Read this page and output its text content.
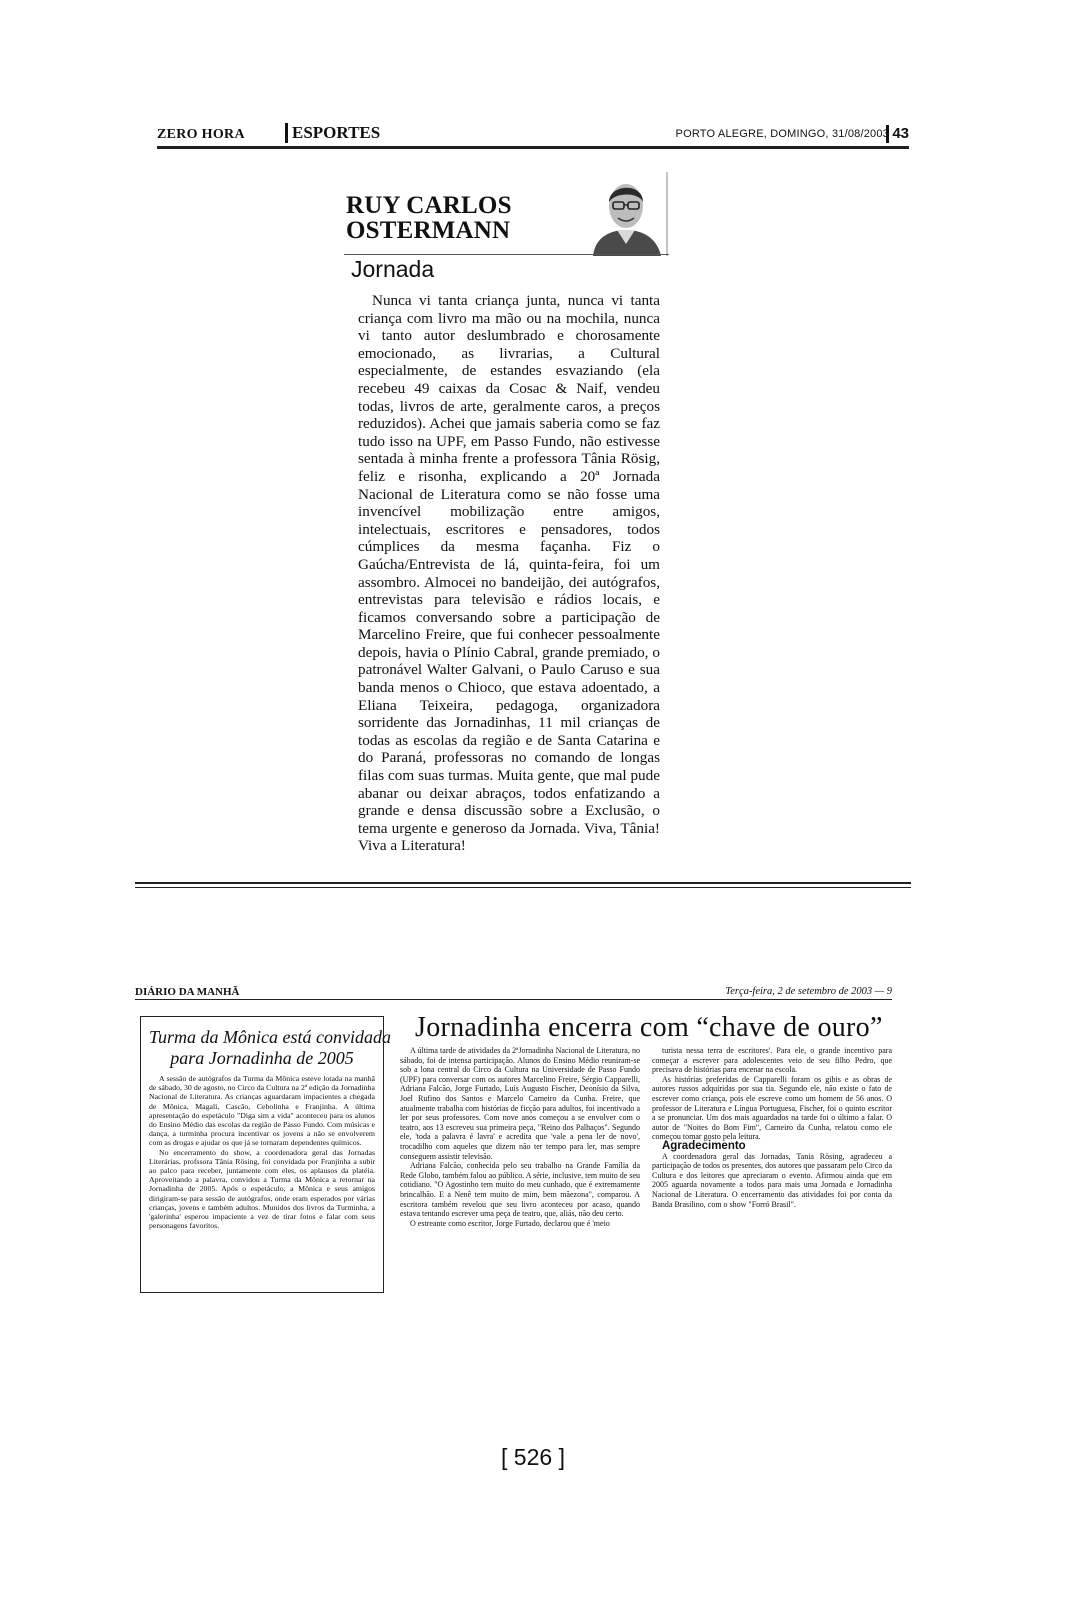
ZERO HORA	ESPORTES	PORTO ALEGRE, DOMINGO, 31/08/2003 43
RUY CARLOS
OSTERMANN
Jornada
Nunca vi tanta criança junta, nunca vi tanta criança com livro ma mão ou na mochila, nunca vi tanto autor deslumbrado e chorosamente emocionado, as livrarias, a Cultural especialmente, de estandes esvaziando (ela recebeu 49 caixas da Cosac & Naif, vendeu todas, livros de arte, geralmente caros, a preços reduzidos). Achei que jamais saberia como se faz tudo isso na UPF, em Passo Fundo, não estivesse sentada à minha frente a professora Tânia Rösig, feliz e risonha, explicando a 20ª Jornada Nacional de Literatura como se não fosse uma invencível mobilização entre amigos, intelectuais, escritores e pensadores, todos cúmplices da mesma façanha. Fiz o Gaúcha/Entrevista de lá, quinta-feira, foi um assombro. Almocei no bandeijão, dei autógrafos, entrevistas para televisão e rádios locais, e ficamos conversando sobre a participação de Marcelino Freire, que fui conhecer pessoalmente depois, havia o Plínio Cabral, grande premiado, o patronável Walter Galvani, o Paulo Caruso e sua banda menos o Chioco, que estava adoentado, a Eliana Teixeira, pedagoga, organizadora sorridente das Jornadinhas, 11 mil crianças de todas as escolas da região e de Santa Catarina e do Paraná, professoras no comando de longas filas com suas turmas. Muita gente, que mal pude abanar ou deixar abraços, todos enfatizando a grande e densa discussão sobre a Exclusão, o tema urgente e generoso da Jornada. Viva, Tânia! Viva a Literatura!
DIÁRIO DA MANHÃ	Terça-feira, 2 de setembro de 2003 — 9
Turma da Mônica está convidada
para Jornadinha de 2005

A sessão de autógrafos da Turma da Mônica esteve lotada na manhã de sábado, 30 de agosto, no Circo da Cultura na 2ª edição da Jornadinha Nacional de Literatura. As crianças aguardaram impacientes a chegada de Mônica, Magali, Cascão, Cebolinha e Franjinha. A última apresentação do espetáculo "Diga sim a vida" aconteceu para os alunos do Ensino Médio das escolas da região de Passo Fundo. Com músicas e dança, a turminha procura incentivar os jovens a não se envolverem com as drogas e ajudar os que já se tornaram dependentes químicos.

No encerramento do show, a coordenadora geral das Jornadas Literárias, profssora Tânia Rösing, foi convidada por Franjinha a subir ao palco para receber, juntamente com eles, os aplausos da platéia. Aproveitando a palavra, convidou a Turma da Mônica a retornar na Jornadinha de 2005. Após o espetáculo, a Mônica e seus amigos dirigiram-se para sessão de autógrafos, onde eram esperados por várias crianças, jovens e também adultos. Munidos dos livros da Turminha, a 'galerinha' esperou impaciente a vez de tirar fotos e falar com seus personagens favoritos.

Jornadinha encerra com “chave de ouro”

A última tarde de atividades da 2ªJornadinha Nacional de Literatura, no sábado, foi de intensa participação. Alunos do Ensino Médio reuniram-se sob a lona central do Circo da Cultura na Universidade de Passo Fundo (UPF) para conversar com os autores Marcelino Freire, Sérgio Capparelli, Adriana Falcão, Jorge Furtado, Luís Augusto Fischer, Deonísio da Silva, Joel Rufino dos Santos e Marcelo Carneiro da Cunha. Freire, que atualmente trabalha com histórias de ficção para adultos, foi incentivado a ler por seus professores. Com nove anos começou a se envolver com o teatro, aos 13 escreveu sua primeira peça, "Reino dos Palhaços". Segundo ele, 'toda a palavra é lavra' e acredita que 'vale a pena ler de novo', trocadilho com aqueles que dizem não ter tempo para ler, mas sempre conseguem assistir televisão.

Adriana Falcão, conhecida pelo seu trabalho na Grande Família da Rede Globo, também falou ao público. A série, inclusive, tem muito de seu cotidiano. "O Agostinho tem muito do meu cunhado, que é extremamente brincalhão. E a Nenê tem muito de mim, bem mãezona", comparou. A escritora também revelou que seu livro aconteceu por acaso, quando estava tentando escrever uma peça de teatro, que, aliás, não deu certo.

O estreante como escritor, Jorge Furtado, declarou que é 'meio

turista nessa terra de escritores'. Para ele, o grande incentivo para começar a escrever para adolescentes veio de seu filho Pedro, que precisava de histórias para encenar na escola.

As histórias preferidas de Capparelli foram os gibis e as obras de autores russos adquiridas por sua tia. Segundo ele, não existe o fato de escrever como criança, pois ele escreve como um homem de 56 anos. O professor de Literatura e Língua Portuguesa, Fischer, foi o quinto escritor a se pronunciar. Um dos mais aguardados na tarde foi o último a falar. O autor de "Noites do Bom Fim", Carneiro da Cunha, relatou como ele começou tomar gosto pela leitura.

Agradecimento

A coordenadora geral das Jornadas, Tania Rösing, agradeceu a participação de todos os presentes, dos autores que passaram pelo Circo da Cultura e dos leitores que apreciaram o evento. Afirmou ainda que em 2005 aguarda novamente a todos para mais uma Jornada e Jornadinha Nacional de Literatura. O encerramento das atividades foi por conta da Banda Brasilino, com o show "Forró Brasil".

[ 526 ]
